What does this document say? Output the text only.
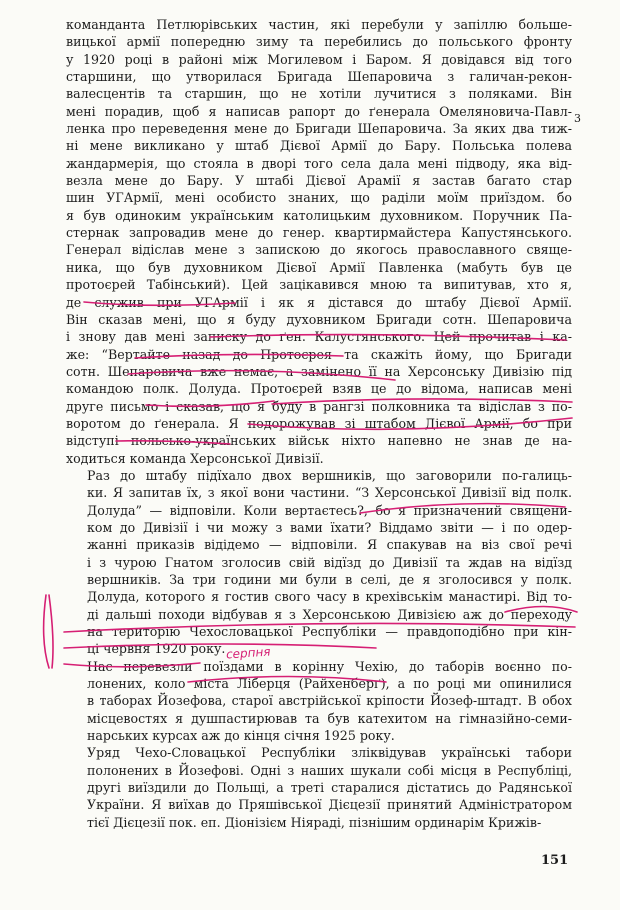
команданта Петлюрівських частин, які перебули у запіллю больше-
вицької армії попередню зиму та перебились до польського фронту
у 1920 році в районі між Могилевом і Баром. Я довідався від того
старшини, що утворилася Бригада Шепаровича з галичан-рекон-
валесцентів та старшин, що не хотіли лучитися з поляками. Він
мені порадив, щоб я написав рапорт до ґенерала Омеляновича-Павл-
ленка про переведення мене до Бригади Шепаровича. За яких два тиж-
ні мене викликано у штаб Дієвої Армії до Бару. Польська полева
жандармерія, що стояла в дворі того села дала мені підводу, яка від-
везла мене до Бару. У штабі Дієвої Арамії я застав багато стар
шин УГАрмії, мені особисто знаних, що раділи моїм приїздом. бо
я був одиноким українським католицьким духовником. Поручник Па-
стернак запровадив мене до генер. квартирмайстера Капустянського.
Генерал відіслав мене з запискою до якогось православного свяще-
ника, що був духовником Дієвої Армії Павленка (мабуть був це
протоєрей Табінський). Цей зацікавився мною та випитував, хто я,
де служив при УГАрмії і як я дістався до штабу Дієвої Армії.
Він сказав мені, що я буду духовником Бригади сотн. Шепаровича
і знову дав мені записку до ґен. Калустянського. Цей прочитав і ка-
же: “Вертайте назад до Протоєрея та скажіть йому, що Бригади
сотн. Шепаровича вже немає, а замінено її на Херсонську Дивізію під
командою полк. Долуда. Протоєрей взяв це до відома, написав мені
друге письмо і сказав, що я буду в рангзі полковника та відіслав з по-
воротом до ґенерала. Я подорожував зі штабом Дієвої Армії, бо при
відступі польсько-українських військ ніхто напевно не знав де на-
ходиться команда Херсонської Дивізії.
Раз до штабу підїхало двох вершників, що заговорили по-галиць-
ки. Я запитав їх, з якої вони частини. “З Херсонської Дивізії від полк.
Долуда” — відповіли. Коли вертаєтесь?, бо я призначений священи-
ком до Дивізії і чи можу з вами їхати? Віддамо звіти — і по одер-
жанні приказів відідемо — відповіли. Я спакував на віз свої речі
і з чурою Гнатом зголосив свій відїзд до Дивізії та ждав на відїзд
вершників. За три години ми були в селі, де я зголосився у полк.
Долуда, которого я гостив свого часу в крехівськім манастирі. Від то-
ді дальші походи відбував я з Херсонською Дивізією аж до переходу
на територію Чехословацької Республіки — правдоподібно при кін-
ці червня 1920 року.
Нас перевезли поїздами в корінну Чехію, до таборів воєнно по-
лонених, коло міста Ліберця (Райхенберґ), а по році ми опинилися
в таборах Йозефова, старої австрійської кріпости Йозеф-штадт. В обох
місцевостях я душпастирював та був катехитом на гімназійно-семи-
нарських курсах аж до кінця січня 1925 року.
Уряд Чехо-Словацької Республіки зліквідував українські табори
полонених в Йозефові. Одні з наших шукали собі місця в Республіці,
другі виїздили до Польщі, а треті старалися дістатись до Радянської
України. Я виїхав до Пряшівської Дієцезії принятий Адміністратором
тієї Дієцезії пок. еп. Діонізієм Ніяраді, пізнішим ординарім Крижів-
3
серпня
151
